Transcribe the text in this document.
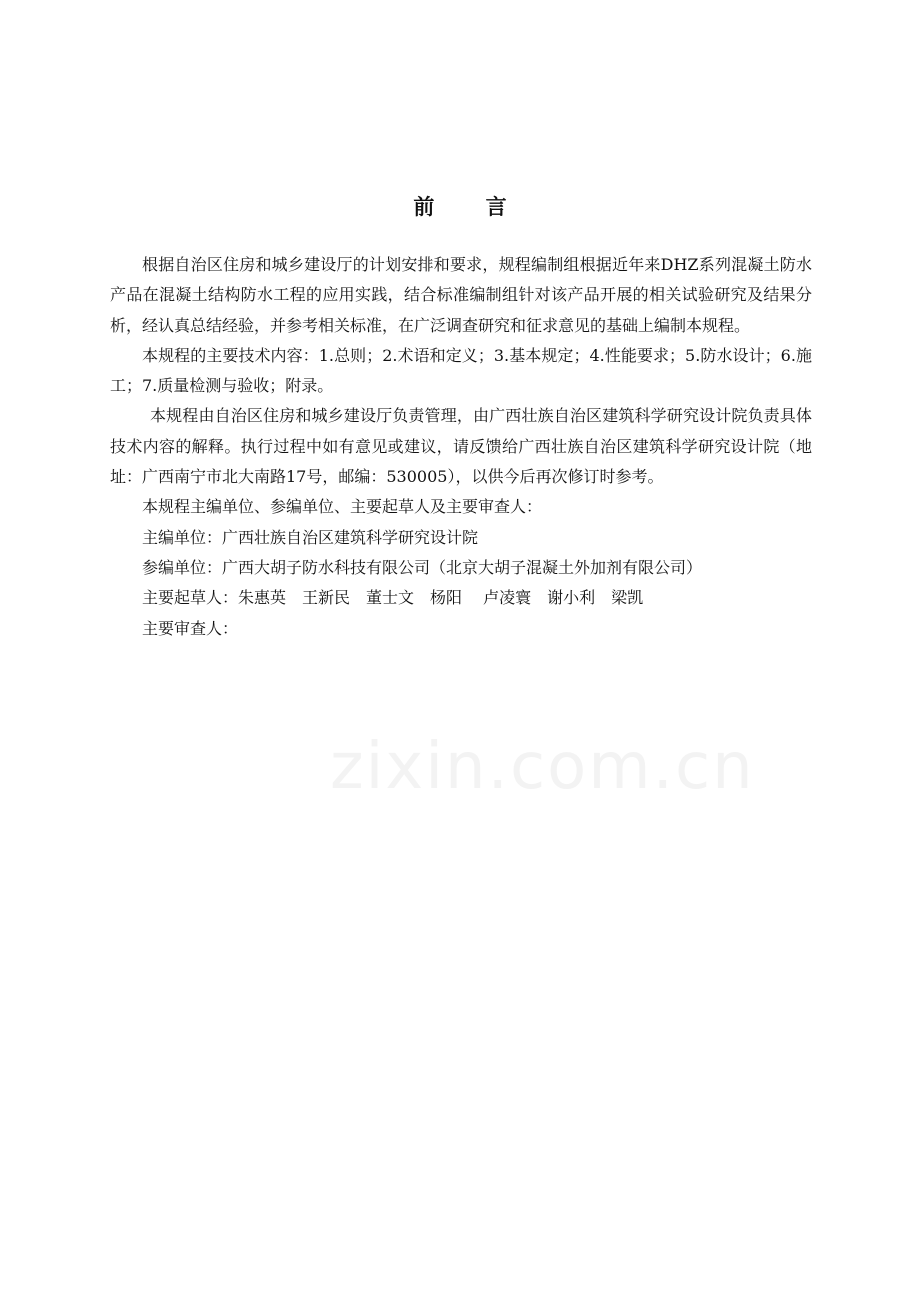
前 言

根据自治区住房和城乡建设厅的计划安排和要求，规程编制组根据近年来DHZ系列混凝土防水产品在混凝土结构防水工程的应用实践，结合标准编制组针对该产品开展的相关试验研究及结果分析，经认真总结经验，并参考相关标准，在广泛调查研究和征求意见的基础上编制本规程。

本规程的主要技术内容：1.总则；2.术语和定义；3.基本规定；4.性能要求；5.防水设计；6.施工；7.质量检测与验收；附录。

本规程由自治区住房和城乡建设厅负责管理，由广西壮族自治区建筑科学研究设计院负责具体技术内容的解释。执行过程中如有意见或建议，请反馈给广西壮族自治区建筑科学研究设计院（地址：广西南宁市北大南路17号，邮编：530005），以供今后再次修订时参考。

本规程主编单位、参编单位、主要起草人及主要审查人：

主编单位：广西壮族自治区建筑科学研究设计院

参编单位：广西大胡子防水科技有限公司（北京大胡子混凝土外加剂有限公司）

主要起草人：朱惠英　王新民　董士文　杨阳　 卢凌寰　谢小利　梁凯

主要审查人：

zixin.com.cn
